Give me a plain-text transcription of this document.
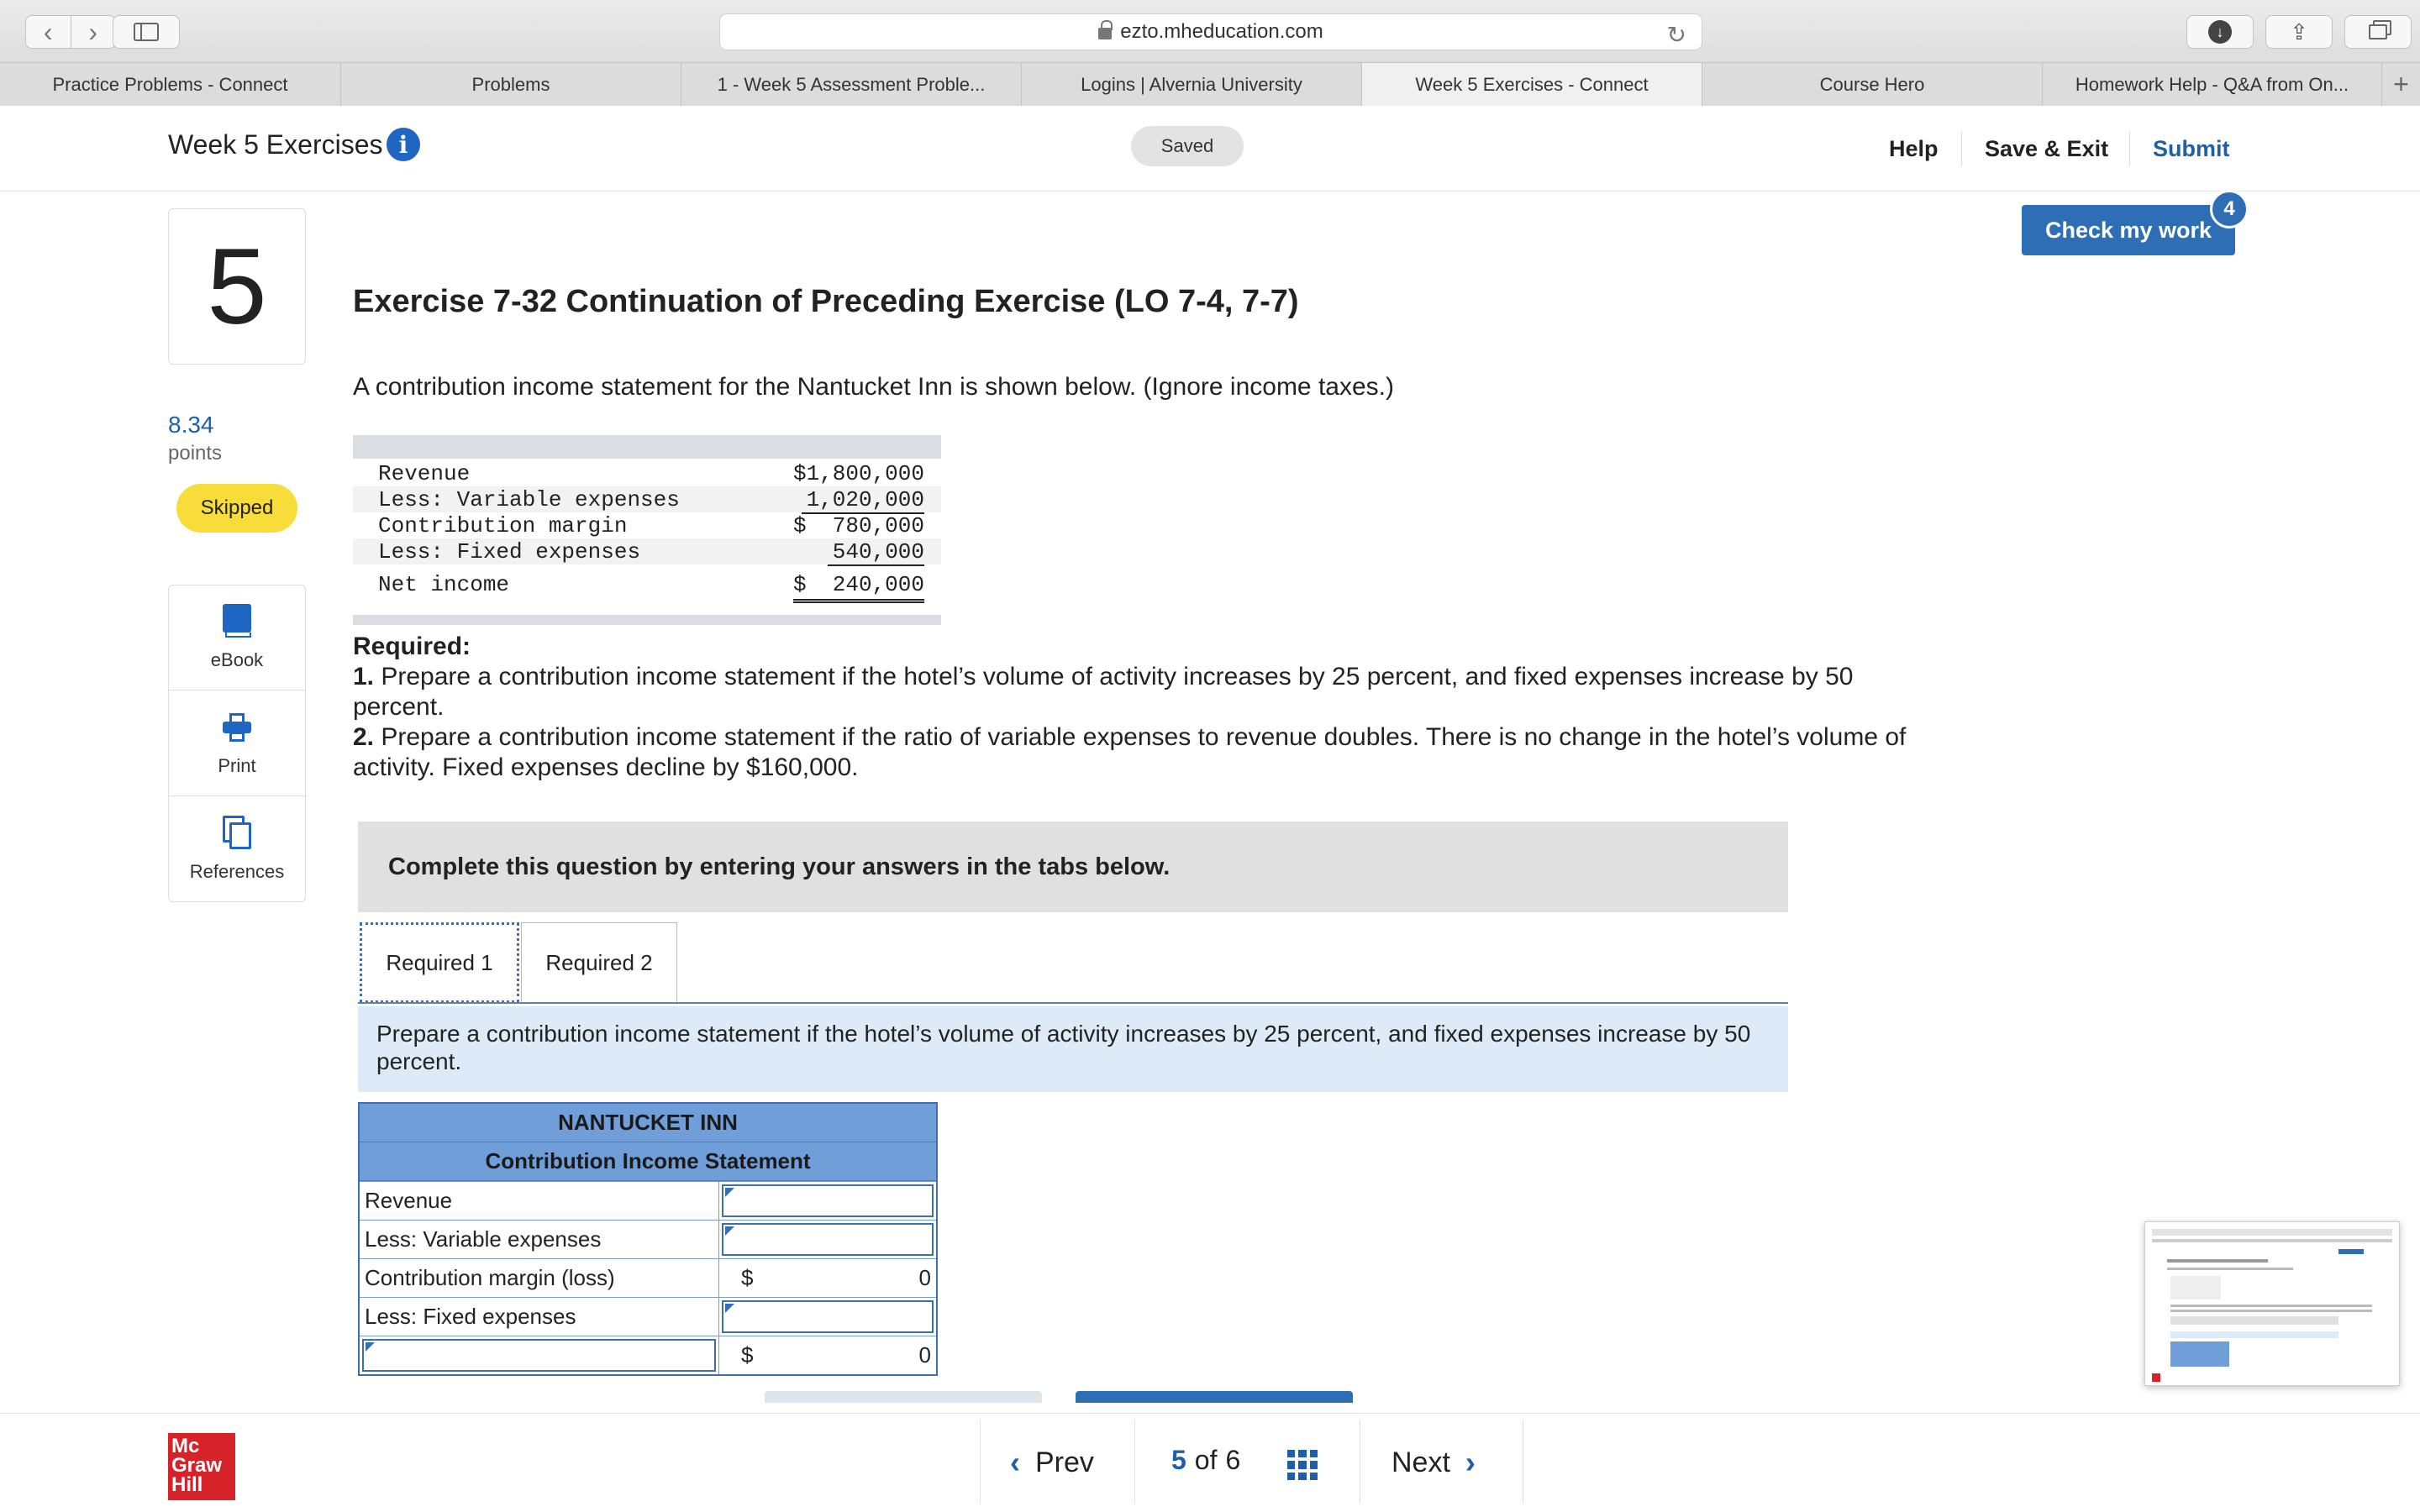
‹	›	ezto.mheducation.com	↻	↓	⇪
Practice Problems - Connect	Problems	1 - Week 5 Assessment Proble...	Logins | Alvernia University	Week 5 Exercises - Connect	Course Hero	Homework Help - Q&A from On...	+
Week 5 Exercises i	Saved	Help Save & Exit Submit
Check my work
4
5
8.34
points
Skipped
eBook
Print
References
Exercise 7-32 Continuation of Preceding Exercise (LO 7-4, 7-7)
A contribution income statement for the Nantucket Inn is shown below. (Ignore income taxes.)
Revenue	$1,800,000
Less: Variable expenses	1,020,000
Contribution margin	$  780,000
Less: Fixed expenses	540,000
Net income	$  240,000
Required:
1. Prepare a contribution income statement if the hotel’s volume of activity increases by 25 percent, and fixed expenses increase by 50 percent.
2. Prepare a contribution income statement if the ratio of variable expenses to revenue doubles. There is no change in the hotel’s volume of activity. Fixed expenses decline by $160,000.
Complete this question by entering your answers in the tabs below.
Required 1	Required 2
Prepare a contribution income statement if the hotel’s volume of activity increases by 25 percent, and fixed expenses increase by 50 percent.
NANTUCKET INN
Contribution Income Statement
Revenue
Less: Variable expenses
Contribution margin (loss)	$	0
Less: Fixed expenses
$	0
Mc
Graw
Hill
‹ Prev	5 of 6	Next ›
